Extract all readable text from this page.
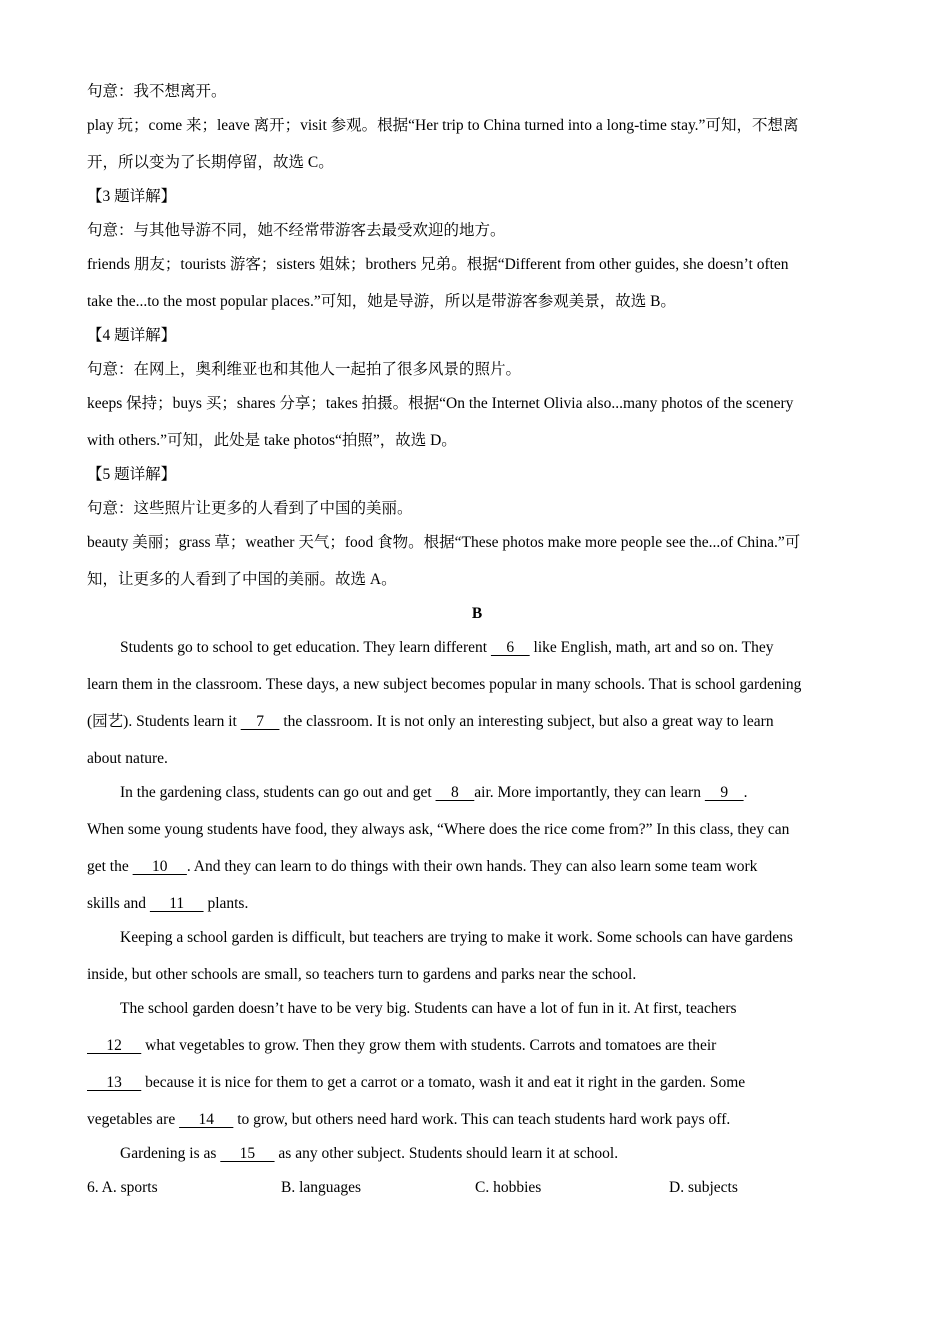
句意：我不想离开。
play 玩；come 来；leave 离开；visit 参观。根据“Her trip to China turned into a long-time stay.”可知，不想离
开，所以变为了长期停留，故选 C。
【3 题详解】
句意：与其他导游不同，她不经常带游客去最受欢迎的地方。
friends 朋友；tourists 游客；sisters 姐妹；brothers 兄弟。根据“Different from other guides, she doesn’t often
take the...to the most popular places.”可知，她是导游，所以是带游客参观美景，故选 B。
【4 题详解】
句意：在网上，奥利维亚也和其他人一起拍了很多风景的照片。
keeps 保持；buys 买；shares 分享；takes 拍摄。根据“On the Internet Olivia also...many photos of the scenery
with others.”可知，此处是 take photos“拍照”，故选 D。
【5 题详解】
句意：这些照片让更多的人看到了中国的美丽。
beauty 美丽；grass 草；weather 天气；food 食物。根据“These photos make more people see the...of China.”可
知，让更多的人看到了中国的美丽。故选 A。
B
Students go to school to get education. They learn different     6     like English, math, art and so on. They
learn them in the classroom. These days, a new subject becomes popular in many schools. That is school gardening
(园艺). Students learn it     7     the classroom. It is not only an interesting subject, but also a great way to learn
about nature.
In the gardening class, students can go out and get     8    air. More importantly, they can learn     9    .
When some young students have food, they always ask, “Where does the rice come from?” In this class, they can
get the      10     . And they can learn to do things with their own hands. They can also learn some team work
skills and      11      plants.
Keeping a school garden is difficult, but teachers are trying to make it work. Some schools can have gardens
inside, but other schools are small, so teachers turn to gardens and parks near the school.
The school garden doesn’t have to be very big. Students can have a lot of fun in it. At first, teachers
12      what vegetables to grow. Then they grow them with students. Carrots and tomatoes are their
13      because it is nice for them to get a carrot or a tomato, wash it and eat it right in the garden. Some
vegetables are      14      to grow, but others need hard work. This can teach students hard work pays off.
Gardening is as      15      as any other subject. Students should learn it at school.
6. A. sports	B. languages	C. hobbies	D. subjects
